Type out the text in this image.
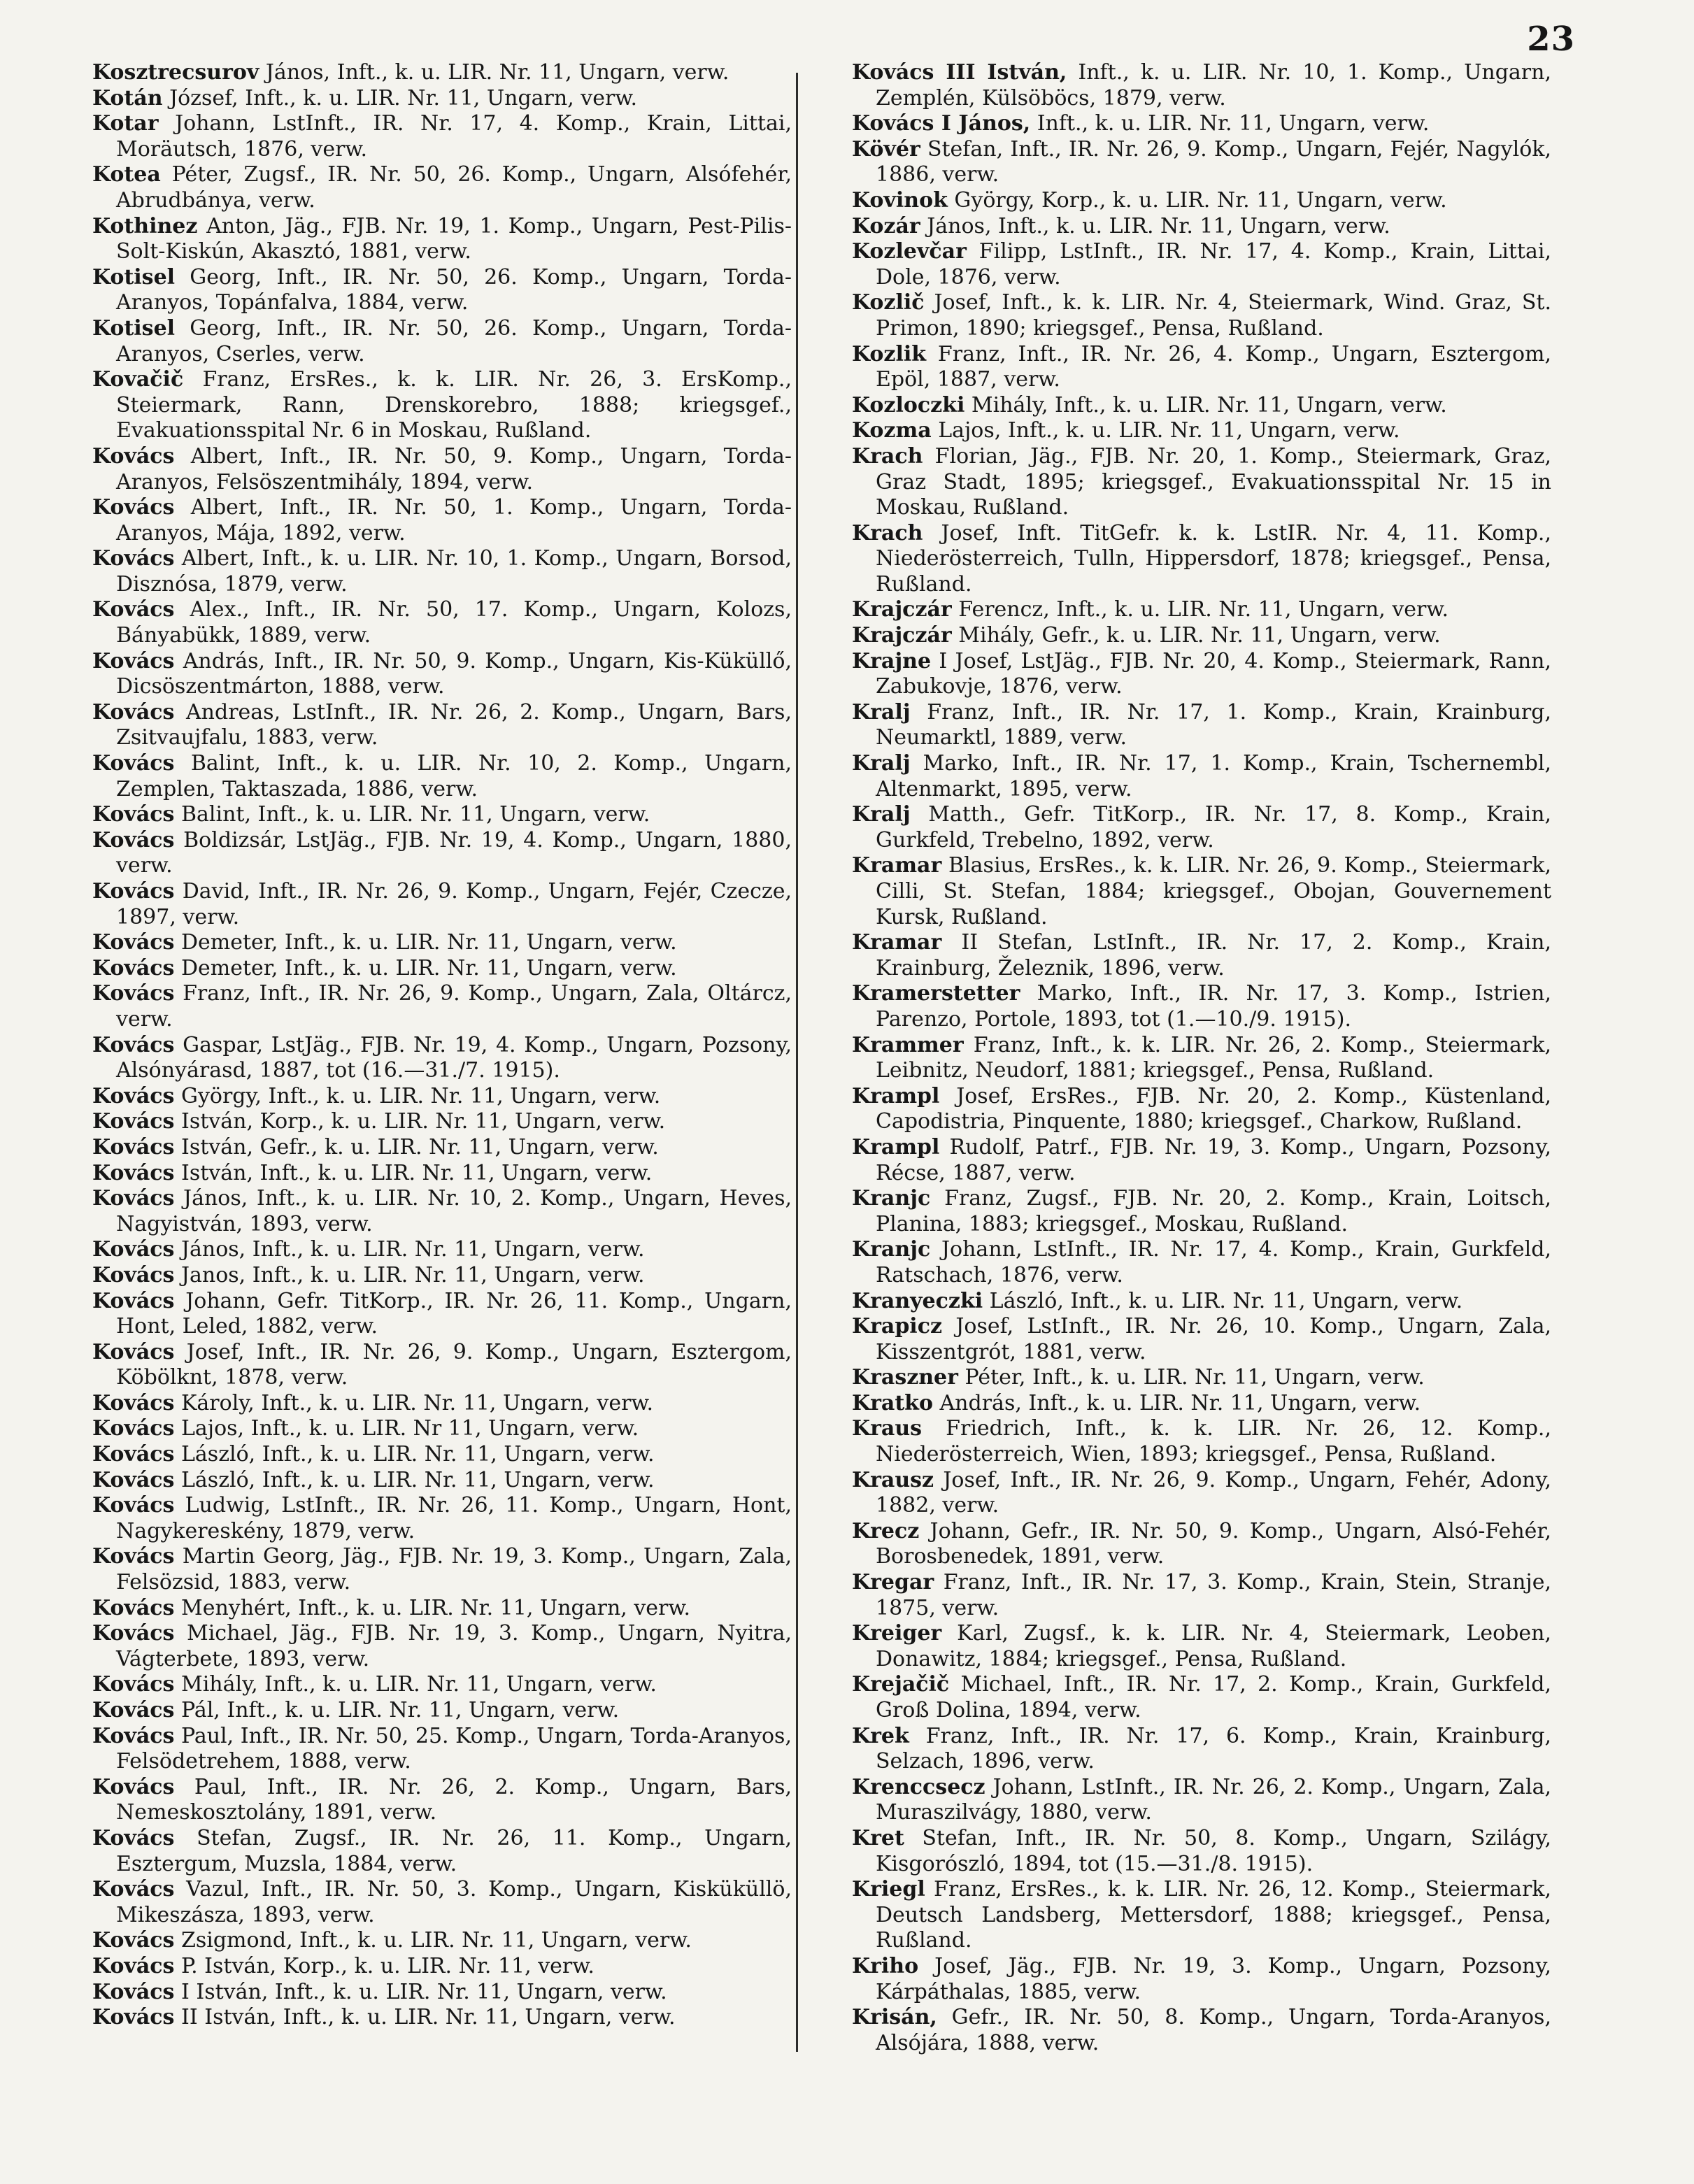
23

Kosztrecsurov János, Inft., k. u. LIR. Nr. 11, Ungarn, verw.

Kotán József, Inft., k. u. LIR. Nr. 11, Ungarn, verw.

Kotar Johann, LstInft., IR. Nr. 17, 4. Komp., Krain, Littai, Moräutsch, 1876, verw.

Kotea Péter, Zugsf., IR. Nr. 50, 26. Komp., Ungarn, Alsófehér, Abrudbánya, verw.

Kothinez Anton, Jäg., FJB. Nr. 19, 1. Komp., Ungarn, Pest-Pilis-Solt-Kiskún, Akasztó, 1881, verw.

Kotisel Georg, Inft., IR. Nr. 50, 26. Komp., Ungarn, Torda-Aranyos, Topánfalva, 1884, verw.

Kotisel Georg, Inft., IR. Nr. 50, 26. Komp., Ungarn, Torda-Aranyos, Cserles, verw.

Kovačič Franz, ErsRes., k. k. LIR. Nr. 26, 3. ErsKomp., Steiermark, Rann, Drenskorebro, 1888; kriegsgef., Evakuationsspital Nr. 6 in Moskau, Rußland.

Kovács Albert, Inft., IR. Nr. 50, 9. Komp., Ungarn, Torda-Aranyos, Felsöszentmihály, 1894, verw.

Kovács Albert, Inft., IR. Nr. 50, 1. Komp., Ungarn, Torda-Aranyos, Mája, 1892, verw.

Kovács Albert, Inft., k. u. LIR. Nr. 10, 1. Komp., Ungarn, Borsod, Disznósa, 1879, verw.

Kovács Alex., Inft., IR. Nr. 50, 17. Komp., Ungarn, Kolozs, Bányabükk, 1889, verw.

Kovács András, Inft., IR. Nr. 50, 9. Komp., Ungarn, Kis-Küküllő, Dicsöszentmárton, 1888, verw.

Kovács Andreas, LstInft., IR. Nr. 26, 2. Komp., Ungarn, Bars, Zsitvaujfalu, 1883, verw.

Kovács Balint, Inft., k. u. LIR. Nr. 10, 2. Komp., Ungarn, Zemplen, Taktaszada, 1886, verw.

Kovács Balint, Inft., k. u. LIR. Nr. 11, Ungarn, verw.

Kovács Boldizsár, LstJäg., FJB. Nr. 19, 4. Komp., Ungarn, 1880, verw.

Kovács David, Inft., IR. Nr. 26, 9. Komp., Ungarn, Fejér, Czecze, 1897, verw.

Kovács Demeter, Inft., k. u. LIR. Nr. 11, Ungarn, verw.

Kovács Demeter, Inft., k. u. LIR. Nr. 11, Ungarn, verw.

Kovács Franz, Inft., IR. Nr. 26, 9. Komp., Ungarn, Zala, Oltárcz, verw.

Kovács Gaspar, LstJäg., FJB. Nr. 19, 4. Komp., Ungarn, Pozsony, Alsónyárasd, 1887, tot (16.—31./7. 1915).

Kovács György, Inft., k. u. LIR. Nr. 11, Ungarn, verw.

Kovács István, Korp., k. u. LIR. Nr. 11, Ungarn, verw.

Kovács István, Gefr., k. u. LIR. Nr. 11, Ungarn, verw.

Kovács István, Inft., k. u. LIR. Nr. 11, Ungarn, verw.

Kovács János, Inft., k. u. LIR. Nr. 10, 2. Komp., Ungarn, Heves, Nagyistván, 1893, verw.

Kovács János, Inft., k. u. LIR. Nr. 11, Ungarn, verw.

Kovács Janos, Inft., k. u. LIR. Nr. 11, Ungarn, verw.

Kovács Johann, Gefr. TitKorp., IR. Nr. 26, 11. Komp., Ungarn, Hont, Leled, 1882, verw.

Kovács Josef, Inft., IR. Nr. 26, 9. Komp., Ungarn, Esztergom, Köbölknt, 1878, verw.

Kovács Károly, Inft., k. u. LIR. Nr. 11, Ungarn, verw.

Kovács Lajos, Inft., k. u. LIR. Nr 11, Ungarn, verw.

Kovács László, Inft., k. u. LIR. Nr. 11, Ungarn, verw.

Kovács László, Inft., k. u. LIR. Nr. 11, Ungarn, verw.

Kovács Ludwig, LstInft., IR. Nr. 26, 11. Komp., Ungarn, Hont, Nagykereskény, 1879, verw.

Kovács Martin Georg, Jäg., FJB. Nr. 19, 3. Komp., Ungarn, Zala, Felsözsid, 1883, verw.

Kovács Menyhért, Inft., k. u. LIR. Nr. 11, Ungarn, verw.

Kovács Michael, Jäg., FJB. Nr. 19, 3. Komp., Ungarn, Nyitra, Vágterbete, 1893, verw.

Kovács Mihály, Inft., k. u. LIR. Nr. 11, Ungarn, verw.

Kovács Pál, Inft., k. u. LIR. Nr. 11, Ungarn, verw.

Kovács Paul, Inft., IR. Nr. 50, 25. Komp., Ungarn, Torda-Aranyos, Felsödetrehem, 1888, verw.

Kovács Paul, Inft., IR. Nr. 26, 2. Komp., Ungarn, Bars, Nemeskosztolány, 1891, verw.

Kovács Stefan, Zugsf., IR. Nr. 26, 11. Komp., Ungarn, Esztergum, Muzsla, 1884, verw.

Kovács Vazul, Inft., IR. Nr. 50, 3. Komp., Ungarn, Kisküküllö, Mikeszásza, 1893, verw.

Kovács Zsigmond, Inft., k. u. LIR. Nr. 11, Ungarn, verw.

Kovács P. István, Korp., k. u. LIR. Nr. 11, verw.

Kovács I István, Inft., k. u. LIR. Nr. 11, Ungarn, verw.

Kovács II István, Inft., k. u. LIR. Nr. 11, Ungarn, verw.

Kovács III István, Inft., k. u. LIR. Nr. 10, 1. Komp., Ungarn, Zemplén, Külsöböcs, 1879, verw.

Kovács I János, Inft., k. u. LIR. Nr. 11, Ungarn, verw.

Kövér Stefan, Inft., IR. Nr. 26, 9. Komp., Ungarn, Fejér, Nagylók, 1886, verw.

Kovinok György, Korp., k. u. LIR. Nr. 11, Ungarn, verw.

Kozár János, Inft., k. u. LIR. Nr. 11, Ungarn, verw.

Kozlevčar Filipp, LstInft., IR. Nr. 17, 4. Komp., Krain, Littai, Dole, 1876, verw.

Kozlič Josef, Inft., k. k. LIR. Nr. 4, Steiermark, Wind. Graz, St. Primon, 1890; kriegsgef., Pensa, Rußland.

Kozlik Franz, Inft., IR. Nr. 26, 4. Komp., Ungarn, Esztergom, Epöl, 1887, verw.

Kozloczki Mihály, Inft., k. u. LIR. Nr. 11, Ungarn, verw.

Kozma Lajos, Inft., k. u. LIR. Nr. 11, Ungarn, verw.

Krach Florian, Jäg., FJB. Nr. 20, 1. Komp., Steiermark, Graz, Graz Stadt, 1895; kriegsgef., Evakuationsspital Nr. 15 in Moskau, Rußland.

Krach Josef, Inft. TitGefr. k. k. LstIR. Nr. 4, 11. Komp., Niederösterreich, Tulln, Hippersdorf, 1878; kriegsgef., Pensa, Rußland.

Krajczár Ferencz, Inft., k. u. LIR. Nr. 11, Ungarn, verw.

Krajczár Mihály, Gefr., k. u. LIR. Nr. 11, Ungarn, verw.

Krajne I Josef, LstJäg., FJB. Nr. 20, 4. Komp., Steiermark, Rann, Zabukovje, 1876, verw.

Kralj Franz, Inft., IR. Nr. 17, 1. Komp., Krain, Krainburg, Neumarktl, 1889, verw.

Kralj Marko, Inft., IR. Nr. 17, 1. Komp., Krain, Tschernembl, Altenmarkt, 1895, verw.

Kralj Matth., Gefr. TitKorp., IR. Nr. 17, 8. Komp., Krain, Gurkfeld, Trebelno, 1892, verw.

Kramar Blasius, ErsRes., k. k. LIR. Nr. 26, 9. Komp., Steiermark, Cilli, St. Stefan, 1884; kriegsgef., Obojan, Gouvernement Kursk, Rußland.

Kramar II Stefan, LstInft., IR. Nr. 17, 2. Komp., Krain, Krainburg, Železnik, 1896, verw.

Kramerstetter Marko, Inft., IR. Nr. 17, 3. Komp., Istrien, Parenzo, Portole, 1893, tot (1.—10./9. 1915).

Krammer Franz, Inft., k. k. LIR. Nr. 26, 2. Komp., Steiermark, Leibnitz, Neudorf, 1881; kriegsgef., Pensa, Rußland.

Krampl Josef, ErsRes., FJB. Nr. 20, 2. Komp., Küstenland, Capodistria, Pinquente, 1880; kriegsgef., Charkow, Rußland.

Krampl Rudolf, Patrf., FJB. Nr. 19, 3. Komp., Ungarn, Pozsony, Récse, 1887, verw.

Kranjc Franz, Zugsf., FJB. Nr. 20, 2. Komp., Krain, Loitsch, Planina, 1883; kriegsgef., Moskau, Rußland.

Kranjc Johann, LstInft., IR. Nr. 17, 4. Komp., Krain, Gurkfeld, Ratschach, 1876, verw.

Kranyeczki László, Inft., k. u. LIR. Nr. 11, Ungarn, verw.

Krapicz Josef, LstInft., IR. Nr. 26, 10. Komp., Ungarn, Zala, Kisszentgrót, 1881, verw.

Kraszner Péter, Inft., k. u. LIR. Nr. 11, Ungarn, verw.

Kratko András, Inft., k. u. LIR. Nr. 11, Ungarn, verw.

Kraus Friedrich, Inft., k. k. LIR. Nr. 26, 12. Komp., Niederösterreich, Wien, 1893; kriegsgef., Pensa, Rußland.

Krausz Josef, Inft., IR. Nr. 26, 9. Komp., Ungarn, Fehér, Adony, 1882, verw.

Krecz Johann, Gefr., IR. Nr. 50, 9. Komp., Ungarn, Alsó-Fehér, Borosbenedek, 1891, verw.

Kregar Franz, Inft., IR. Nr. 17, 3. Komp., Krain, Stein, Stranje, 1875, verw.

Kreiger Karl, Zugsf., k. k. LIR. Nr. 4, Steiermark, Leoben, Donawitz, 1884; kriegsgef., Pensa, Rußland.

Krejačič Michael, Inft., IR. Nr. 17, 2. Komp., Krain, Gurkfeld, Groß Dolina, 1894, verw.

Krek Franz, Inft., IR. Nr. 17, 6. Komp., Krain, Krainburg, Selzach, 1896, verw.

Krenccsecz Johann, LstInft., IR. Nr. 26, 2. Komp., Ungarn, Zala, Muraszilvágy, 1880, verw.

Kret Stefan, Inft., IR. Nr. 50, 8. Komp., Ungarn, Szilágy, Kisgorószló, 1894, tot (15.—31./8. 1915).

Kriegl Franz, ErsRes., k. k. LIR. Nr. 26, 12. Komp., Steiermark, Deutsch Landsberg, Mettersdorf, 1888; kriegsgef., Pensa, Rußland.

Kriho Josef, Jäg., FJB. Nr. 19, 3. Komp., Ungarn, Pozsony, Kárpáthalas, 1885, verw.

Krisán, Gefr., IR. Nr. 50, 8. Komp., Ungarn, Torda-Aranyos, Alsójára, 1888, verw.
